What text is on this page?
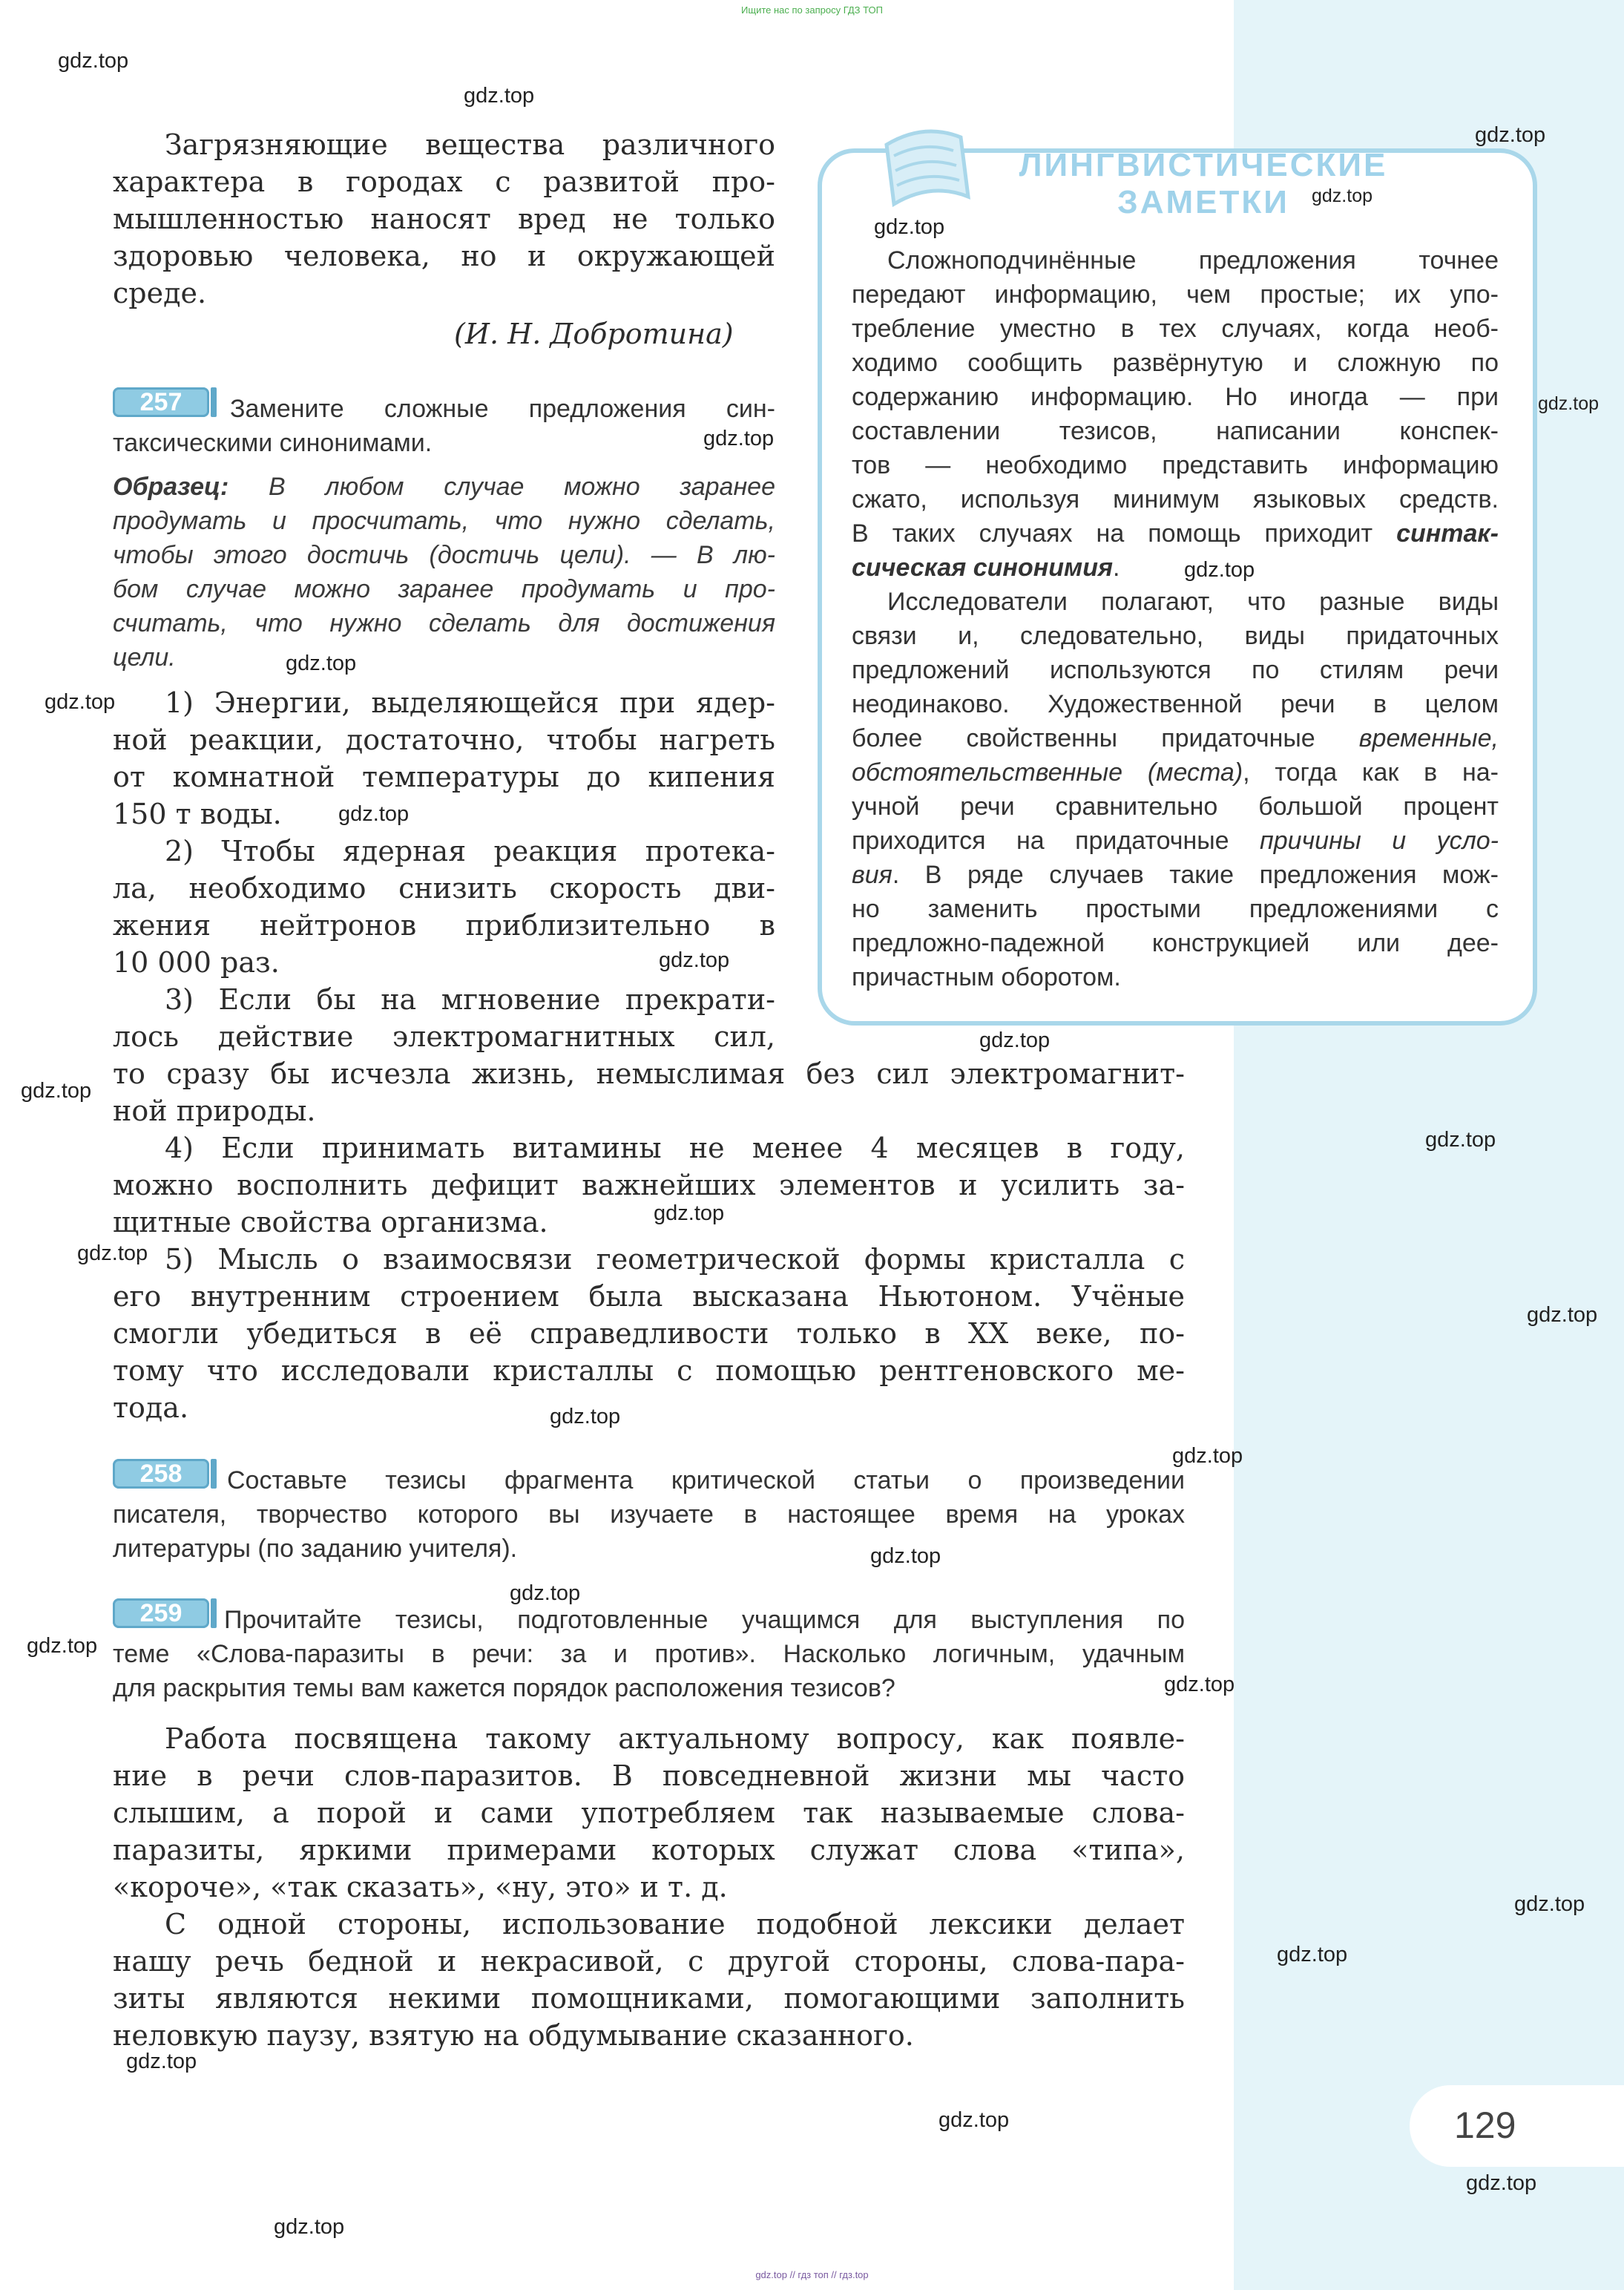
Ищите нас по запросу ГДЗ ТОП
Загрязняющие вещества различного
характера в городах с развитой про-
мышленностью наносят вред не только
здоровью человека, но и окружающей
среде.
(И. Н. Добротина)
257	Замените сложные предложения син-
таксическими синонимами.
Образец: В любом случае можно заранее
продумать и просчитать, что нужно сделать,
чтобы этого достичь (достичь цели). — В лю-
бом случае можно заранее продумать и про-
считать, что нужно сделать для достижения
цели.
1) Энергии, выделяющейся при ядер-
ной реакции, достаточно, чтобы нагреть
от комнатной температуры до кипения
150 т воды.
2) Чтобы ядерная реакция протека-
ла, необходимо снизить скорость дви-
жения нейтронов приблизительно в
10 000 раз.
3) Если бы на мгновение прекрати-
лось действие электромагнитных сил,
то сразу бы исчезла жизнь, немыслимая без сил электромагнит-
ной природы.
4) Если принимать витамины не менее 4 месяцев в году,
можно восполнить дефицит важнейших элементов и усилить за-
щитные свойства организма.
5) Мысль о взаимосвязи геометрической формы кристалла с
его внутренним строением была высказана Ньютоном. Учёные
смогли убедиться в её справедливости только в XX веке, по-
тому что исследовали кристаллы с помощью рентгеновского ме-
тода.
258	Составьте тезисы фрагмента критической статьи о произведении
писателя, творчество которого вы изучаете в настоящее время на уроках
литературы (по заданию учителя).
259	Прочитайте тезисы, подготовленные учащимся для выступления по
теме «Слова-паразиты в речи: за и против». Насколько логичным, удачным
для раскрытия темы вам кажется порядок расположения тезисов?
Работа посвящена такому актуальному вопросу, как появле-
ние в речи слов-паразитов. В повседневной жизни мы часто
слышим, а порой и сами употребляем так называемые слова-
паразиты, яркими примерами которых служат слова «типа»,
«короче», «так сказать», «ну, это» и т. д.
С одной стороны, использование подобной лексики делает
нашу речь бедной и некрасивой, с другой стороны, слова-пара-
зиты являются некими помощниками, помогающими заполнить
неловкую паузу, взятую на обдумывание сказанного.
ЛИНГВИСТИЧЕСКИЕ
ЗАМЕТКИ
Сложноподчинённые предложения точнее
передают информацию, чем простые; их упо-
требление уместно в тех случаях, когда необ-
ходимо сообщить развёрнутую и сложную по
содержанию информацию. Но иногда — при
составлении тезисов, написании конспек-
тов — необходимо представить информацию
сжато, используя минимум языковых средств.
В таких случаях на помощь приходит синтак-
сическая синонимия.
Исследователи полагают, что разные виды
связи и, следовательно, виды придаточных
предложений используются по стилям речи
неодинаково. Художественной речи в целом
более свойственны придаточные временные,
обстоятельственные (места), тогда как в на-
учной речи сравнительно большой процент
приходится на придаточные причины и усло-
вия. В ряде случаев такие предложения мож-
но заменить простыми предложениями с
предложно-падежной конструкцией или дее-
причастным оборотом.
129
gdz.top
gdz.top
gdz.top
gdz.top
gdz.top
gdz.top
gdz.top
gdz.top
gdz.top
gdz.top
gdz.top
gdz.top
gdz.top
gdz.top
gdz.top
gdz.top
gdz.top
gdz.top
gdz.top
gdz.top
gdz.top
gdz.top
gdz.top
gdz.top
gdz.top
gdz.top
gdz.top
gdz.top
gdz.top
gdz.top
gdz.top // гдз топ // гдз.top
